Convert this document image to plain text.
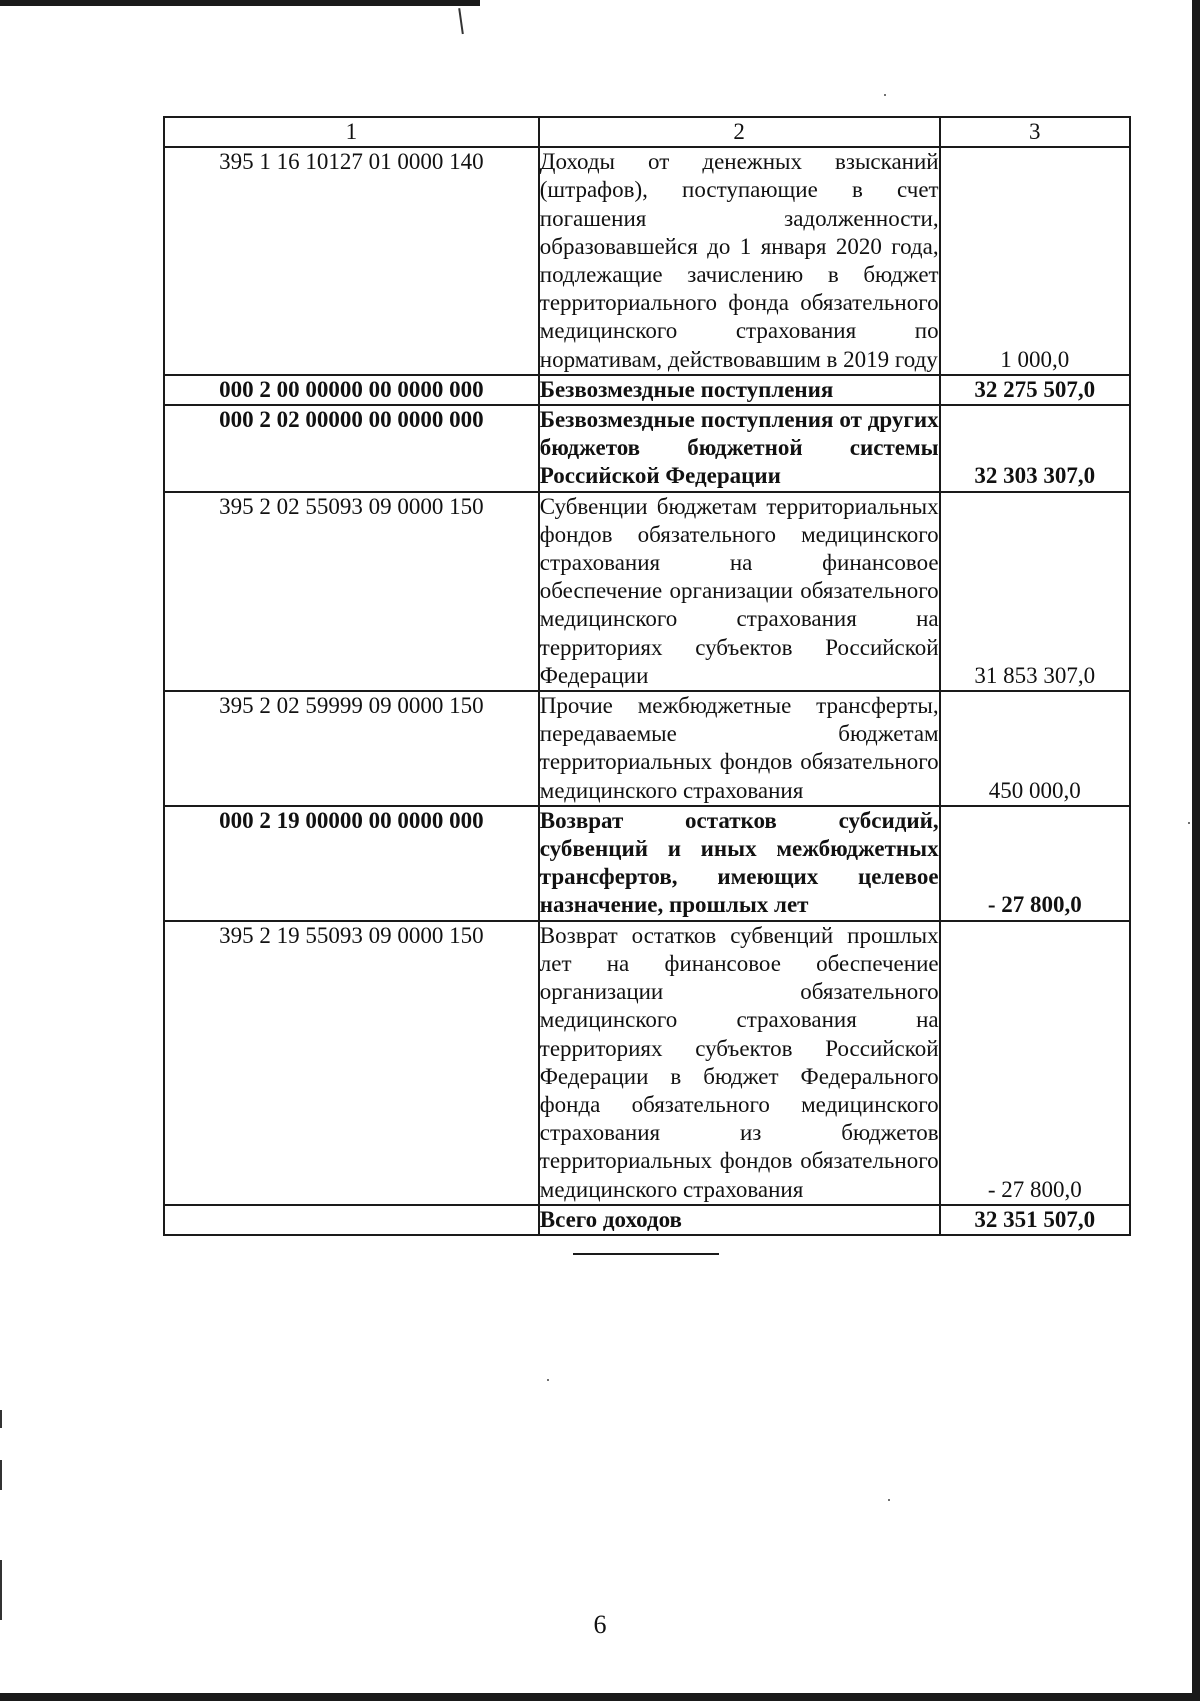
1	2	3
395 1 16 10127 01 0000 140	Доходы от денежных взысканий (штрафов), поступающие в счет погашения задолженности, образовавшейся до 1 января 2020 года, подлежащие зачислению в бюджет территориального фонда обязательного медицинского страхования по нормативам, действовавшим в 2019 году	1 000,0
000 2 00 00000 00 0000 000	Безвозмездные поступления	32 275 507,0
000 2 02 00000 00 0000 000	Безвозмездные поступления от других бюджетов бюджетной системы Российской Федерации	32 303 307,0
395 2 02 55093 09 0000 150	Субвенции бюджетам территориальных фондов обязательного медицинского страхования на финансовое обеспечение организации обязательного медицинского страхования на территориях субъектов Российской Федерации	31 853 307,0
395 2 02 59999 09 0000 150	Прочие межбюджетные трансферты, передаваемые бюджетам территориальных фондов обязательного медицинского страхования	450 000,0
000 2 19 00000 00 0000 000	Возврат остатков субсидий, субвенций и иных межбюджетных трансфертов, имеющих целевое назначение, прошлых лет	- 27 800,0
395 2 19 55093 09 0000 150	Возврат остатков субвенций прошлых лет на финансовое обеспечение организации обязательного медицинского страхования на территориях субъектов Российской Федерации в бюджет Федерального фонда обязательного медицинского страхования из бюджетов территориальных фондов обязательного медицинского страхования	- 27 800,0
	Всего доходов	32 351 507,0
6
